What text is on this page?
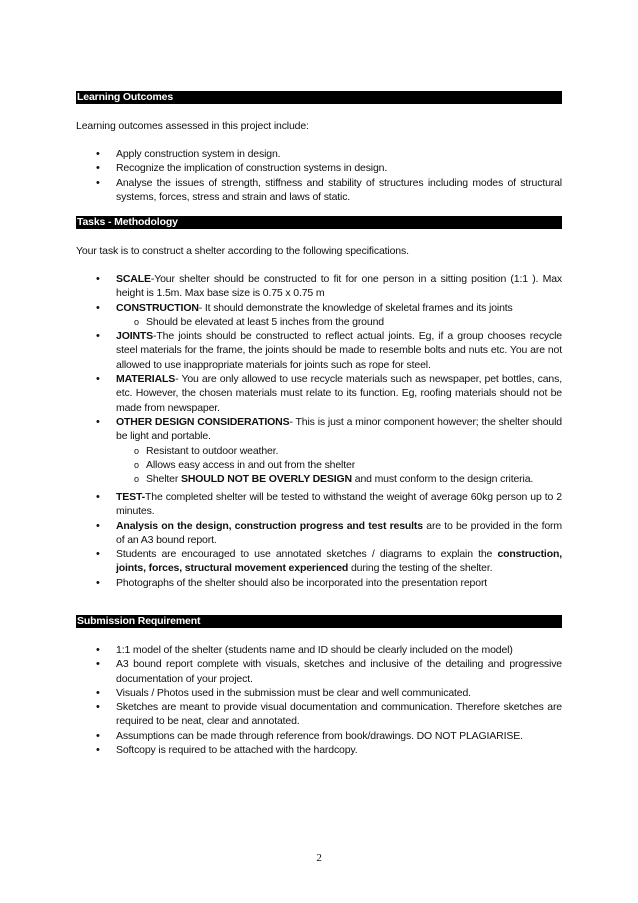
Learning Outcomes
Learning outcomes assessed in this project include:
• Apply construction system in design.
• Recognize the implication of construction systems in design.
• Analyse the issues of strength, stiffness and stability of structures including modes of structural systems, forces, stress and strain and laws of static.
Tasks - Methodology
Your task is to construct a shelter according to the following specifications.
• SCALE-Your shelter should be constructed to fit for one person in a sitting position (1:1 ). Max height is 1.5m. Max base size is 0.75 x 0.75 m
• CONSTRUCTION- It should demonstrate the knowledge of skeletal frames and its joints
o Should be elevated at least 5 inches from the ground
• JOINTS-The joints should be constructed to reflect actual joints. Eg, if a group chooses recycle steel materials for the frame, the joints should be made to resemble bolts and nuts etc. You are not allowed to use inappropriate materials for joints such as rope for steel.
• MATERIALS- You are only allowed to use recycle materials such as newspaper, pet bottles, cans, etc. However, the chosen materials must relate to its function. Eg, roofing materials should not be made from newspaper.
• OTHER DESIGN CONSIDERATIONS- This is just a minor component however; the shelter should be light and portable.
o Resistant to outdoor weather.
o Allows easy access in and out from the shelter
o Shelter SHOULD NOT BE OVERLY DESIGN and must conform to the design criteria.
• TEST-The completed shelter will be tested to withstand the weight of average 60kg person up to 2 minutes.
• Analysis on the design, construction progress and test results are to be provided in the form of an A3 bound report.
• Students are encouraged to use annotated sketches / diagrams to explain the construction, joints, forces, structural movement experienced during the testing of the shelter.
• Photographs of the shelter should also be incorporated into the presentation report
Submission Requirement
• 1:1 model of the shelter (students name and ID should be clearly included on the model)
• A3 bound report complete with visuals, sketches and inclusive of the detailing and progressive documentation of your project.
• Visuals / Photos used in the submission must be clear and well communicated.
• Sketches are meant to provide visual documentation and communication. Therefore sketches are required to be neat, clear and annotated.
• Assumptions can be made through reference from book/drawings. DO NOT PLAGIARISE.
• Softcopy is required to be attached with the hardcopy.
2
